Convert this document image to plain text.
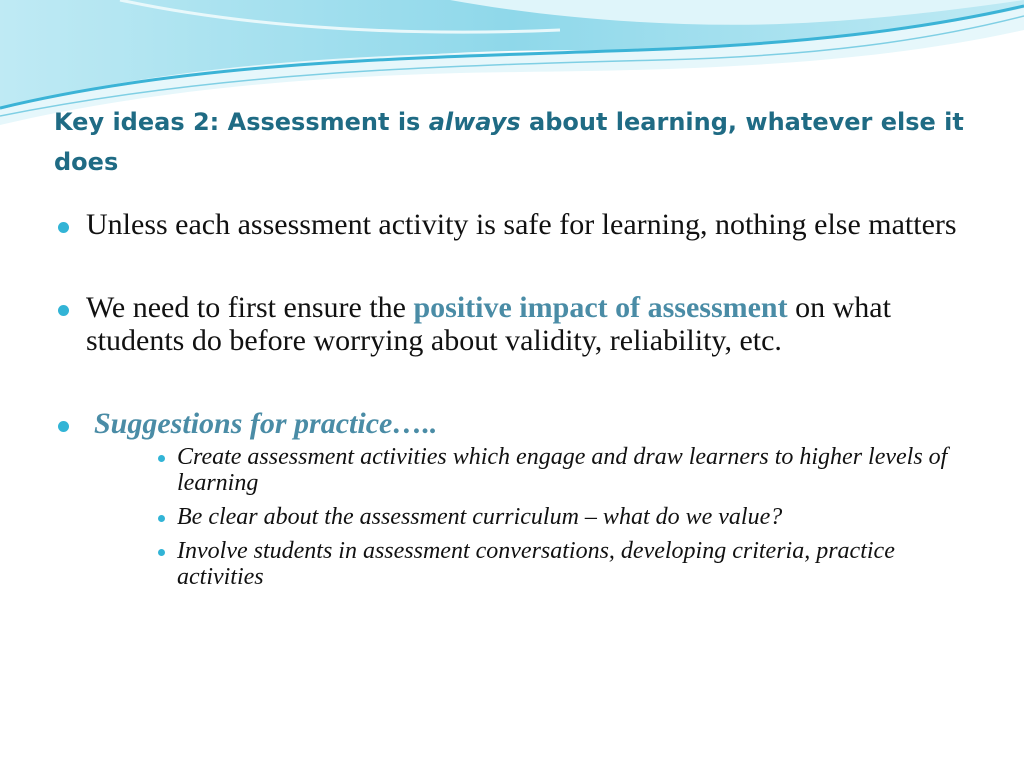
Key ideas 2: Assessment is always about learning, whatever else it does
Unless each assessment activity is safe for learning, nothing else matters
We need to first ensure the positive impact of assessment on what students do before worrying about validity, reliability, etc.
Suggestions for practice…..
Create assessment activities which engage and draw learners to higher levels of learning
Be clear about the assessment curriculum – what do we value?
Involve students in assessment conversations, developing criteria, practice activities
